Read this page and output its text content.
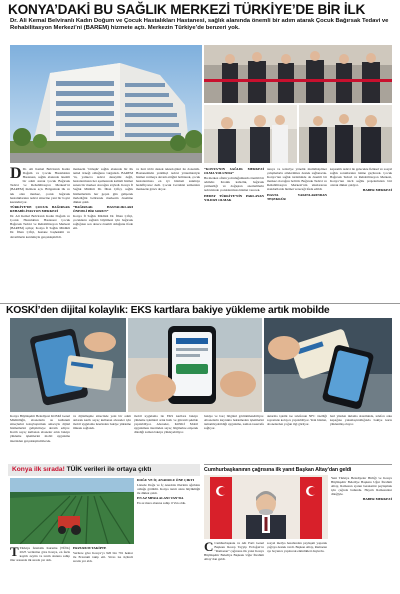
KONYA’DAKİ BU SAĞLIK MERKEZİ TÜRKİYE’DE BİR İLK
Dr. Ali Kemal Belviranlı Kadın Doğum ve Çocuk Hastalıkları Hastanesi, sağlık alanında önemli bir adım atarak Çocuk Bağırsak Tedavi ve Rehabilitasyon Merkezi’ni (BAREM) hizmete açtı. Merkezin Türkiye’de benzeri yok.
D Dr. Ali Kemal Belviranlı Kadın Doğum ve Çocuk Hastalıkları Hastanesi, sağlık alanında önemli bir adım atarak Çocuk Bağırsak Tedavi ve Rehabilitasyon Merkezi’ni (BAREM) hizmete açtı. Bölgesinde ilk ve tek olan merkez, çocuk bağırsak hastalıklarının tedavi sürecine yeni bir boyut kazandırıyor.

TÜRKİYE’DE ÇOCUK BAĞIRSAK REHABİLİTASYON MERKEZİ

Dr. Ali Kemal Belviranlı Kadın Doğum ve Çocuk Hastalıkları Hastanesi Çocuk Bağırsak Tedavi ve Rehabilitasyon Merkezi (BAREM) açılışı; Konya İl Sağlık Müdürü Dr. İlhan Çiftçi, hastane başhekimi ve davetlilerin katılımıyla gerçekleştirildi.

merkezin ‘birleşik’ sağlık alanında bir ilk temel örneği olduğunu vurguladı. BAREM ’in, yalnızca tedavi deneyimi değil, hastalarımızın her aşamasında kaliteli hizmet sunan bir merkez olacağını söyledi. Konya İl Sağlık Müdürü Dr. İlhan Çiftçi, sağlık hizmetlerinin her geçen gün gelişerek ilerlediğini belirterek merkezin önemine dikkat çekti.

“BAĞIRSAK HASTALIKLARI ÖNEMLİ BİR SORUN”

Konya İl Sağlık Müdürü Dr. İlhan Çiftçi, çocukların sağlıklı büyümesi için bağırsak sağlığının son derece önemli olduğunu ifade etti.

ve ileri tıbbi destek teknolojileri ile donatıldı. Hastanemizin yenilikçi tedavi yöntemleriyle hizmet vermeye devam ettiğini belirterek, çocuk hastalarımıza en iyi hizmeti sunmayı hedefliyoruz dedi. Çocuk Cerrahisi uzmanları merkezde görev alıyor.

“KONYA’NIN SAĞLIK MERKEZİ OLMA YOLUNDA”

Bu merkez ofisin yolculuğumuzda önemli bir adımdır. Kronik kabızlık, bağırsak yetmezliği ve doğuştan anomalilerin tedavisinde çocuklarımıza hizmet verecek.

HEDEF TÜRKİYE’NİN PARLAYAN YILDIZI OLMAK

tanıya ve tedaviye yönelik multidisipliner çalışmalarla ailelerimize destek sağlanacak. Konya’nın sağlık turizminde de önemli bir merkez olacağını belirtti. Bağırsak Tedavi ve Rehabilitasyon Merkezi’nin uluslararası standartlarda hizmet vereceği ifade edildi.

HASTA YAKINLARINDAN TEŞEKKÜR

kapsamlı tedavi ile gelecekte fiziksel ve sosyal sağlık sorunlarının önüne geçilecek. Çocuk Bağırsak Tedavi ve Rehabilitasyon Merkezi, Konya’nın öncü sağlık projelerinden biri olarak dikkat çekiyor.

HABER MERKEZİ

KOSKİ’den dijital kolaylık: EKS kartlara bakiye yükleme artık mobilde

Konya Büyükşehir Belediyesi KOSKİ Genel Müdürlüğü, abonelerin su kullanım süreçlerini kolaylaştırmak amacıyla dijital hizmetlerini geliştirmeye devam ediyor. Kartlı sayaç kullanan aboneler artık bakiye yükleme işlemlerini mobil uygulama üzerinden gerçekleştirebilecek.

ve dijitalleşme sürecinde yeni bir adım atılarak kartlı sayaç kullanan aboneler için mobil uygulama üzerinden bakiye yükleme imkanı sağlandı.

mobil uygulama ile EKS kartlara bakiye yükleme işlemleri artık hızlı ve güvenli şekilde yapılabiliyor. Aboneler, KOSKİ Mobil uygulaması üzerinden sayaç bilgilerine erişerek dilediği zaman bakiye yükleyebiliyor.

bakiye ve borç bilgileri görüntülenebiliyor. Abonelerin kuyrukta beklemeden işlemlerini tamamlayabildiği uygulama, zaman tasarrufu sağlıyor.

aktarma işlemi ise telefonun NFC özelliği sayesinde kolayca yapılabiliyor. Yeni hizmet, abonelerden yoğun ilgi görüyor.

hari yüzden tıklama sisteminde, telefon arka kapağına yakınlaştırıldığında bakiye karta yüklenmiş oluyor.

Konya ilk sırada! TÜİK verileri ile ortaya çıktı
T Türkiye İstatistik Kurumu (TÜİK) 2025 verilerine göre Konya, en fazla kayıtlı zeytin ve tarım alanına sahip iller arasında ilk sırada yer aldı.

ERZURUM TAKİPTE

Verilere göre Konya’yı 926 bin 791 hektar ile Erzurum takip etti. Sivas ise üçüncü sırada yer aldı.

DOĞU VE İÇ ANADOLU ÖNE ÇIKTI

Listede Doğu ve İç Anadolu illerinin ağırlıkta olduğu görüldü. Konya tarım alanı büyüklüğü ile dikkat çekti.

EN AZ MERA ALANI VAN’DA

En az mera alanına sahip il Van oldu.

Cumhurbaşkanının çağrısına ilk yanıt Başkan Altay’dan geldi
C Cumhurbaşkanı ve AK Parti Genel Başkanı Recep Tayyip Erdoğan’ın “Ramazan” çağrısına ilk yanıt Konya Büyükşehir Belediye Başkanı Uğur İbrahim Altay’dan geldi.

sosyal medya hesabından paylaşım yaparak çağrıya destek verdi. Başkan Altay, Ramazan ayı boyunca yapılacak etkinlikleri duyurdu.

Yeni Türkiye Belediyeler Birliği ve Konya Büyükşehir Belediye Başkanı Uğur İbrahim Altay, Ramazan ayının bereketini paylaşmak için çağrıda bulundu. Hayırlı Ramazanlar dileğiyle.

HABER MERKEZİ
